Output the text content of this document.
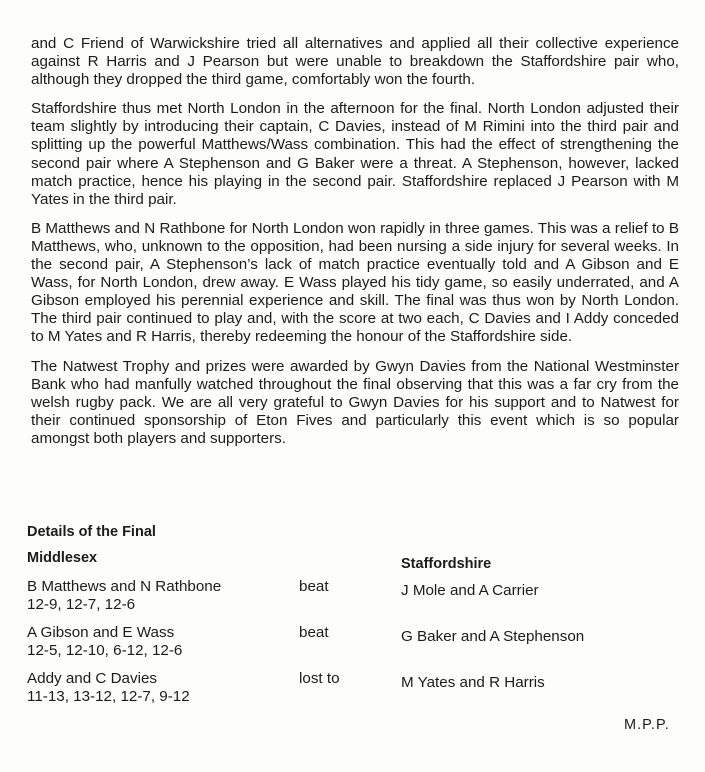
and C Friend of Warwickshire tried all alternatives and applied all their collective experience against R Harris and J Pearson but were unable to breakdown the Staffordshire pair who, although they dropped the third game, comfortably won the fourth.

Staffordshire thus met North London in the afternoon for the final. North London adjusted their team slightly by introducing their captain, C Davies, instead of M Rimini into the third pair and splitting up the powerful Matthews/Wass combination. This had the effect of strengthening the second pair where A Stephenson and G Baker were a threat. A Stephenson, however, lacked match practice, hence his playing in the second pair. Staffordshire replaced J Pearson with M Yates in the third pair.

B Matthews and N Rathbone for North London won rapidly in three games. This was a relief to B Matthews, who, unknown to the opposition, had been nursing a side injury for several weeks. In the second pair, A Stephenson’s lack of match practice eventually told and A Gibson and E Wass, for North London, drew away. E Wass played his tidy game, so easily underrated, and A Gibson employed his perennial experience and skill. The final was thus won by North London. The third pair continued to play and, with the score at two each, C Davies and I Addy conceded to M Yates and R Harris, thereby redeeming the honour of the Staffordshire side.

The Natwest Trophy and prizes were awarded by Gwyn Davies from the National Westminster Bank who had manfully watched throughout the final observing that this was a far cry from the welsh rugby pack. We are all very grateful to Gwyn Davies for his support and to Natwest for their continued sponsorship of Eton Fives and particularly this event which is so popular amongst both players and supporters.

Details of the Final
Middlesex	Staffordshire
B Matthews and N Rathbone
12-9, 12-7, 12-6
beat	J Mole and A Carrier
A Gibson and E Wass
12-5, 12-10, 6-12, 12-6
beat	G Baker and A Stephenson
Addy and C Davies
11-13, 13-12, 12-7, 9-12
lost to	M Yates and R Harris
M.P.P.
